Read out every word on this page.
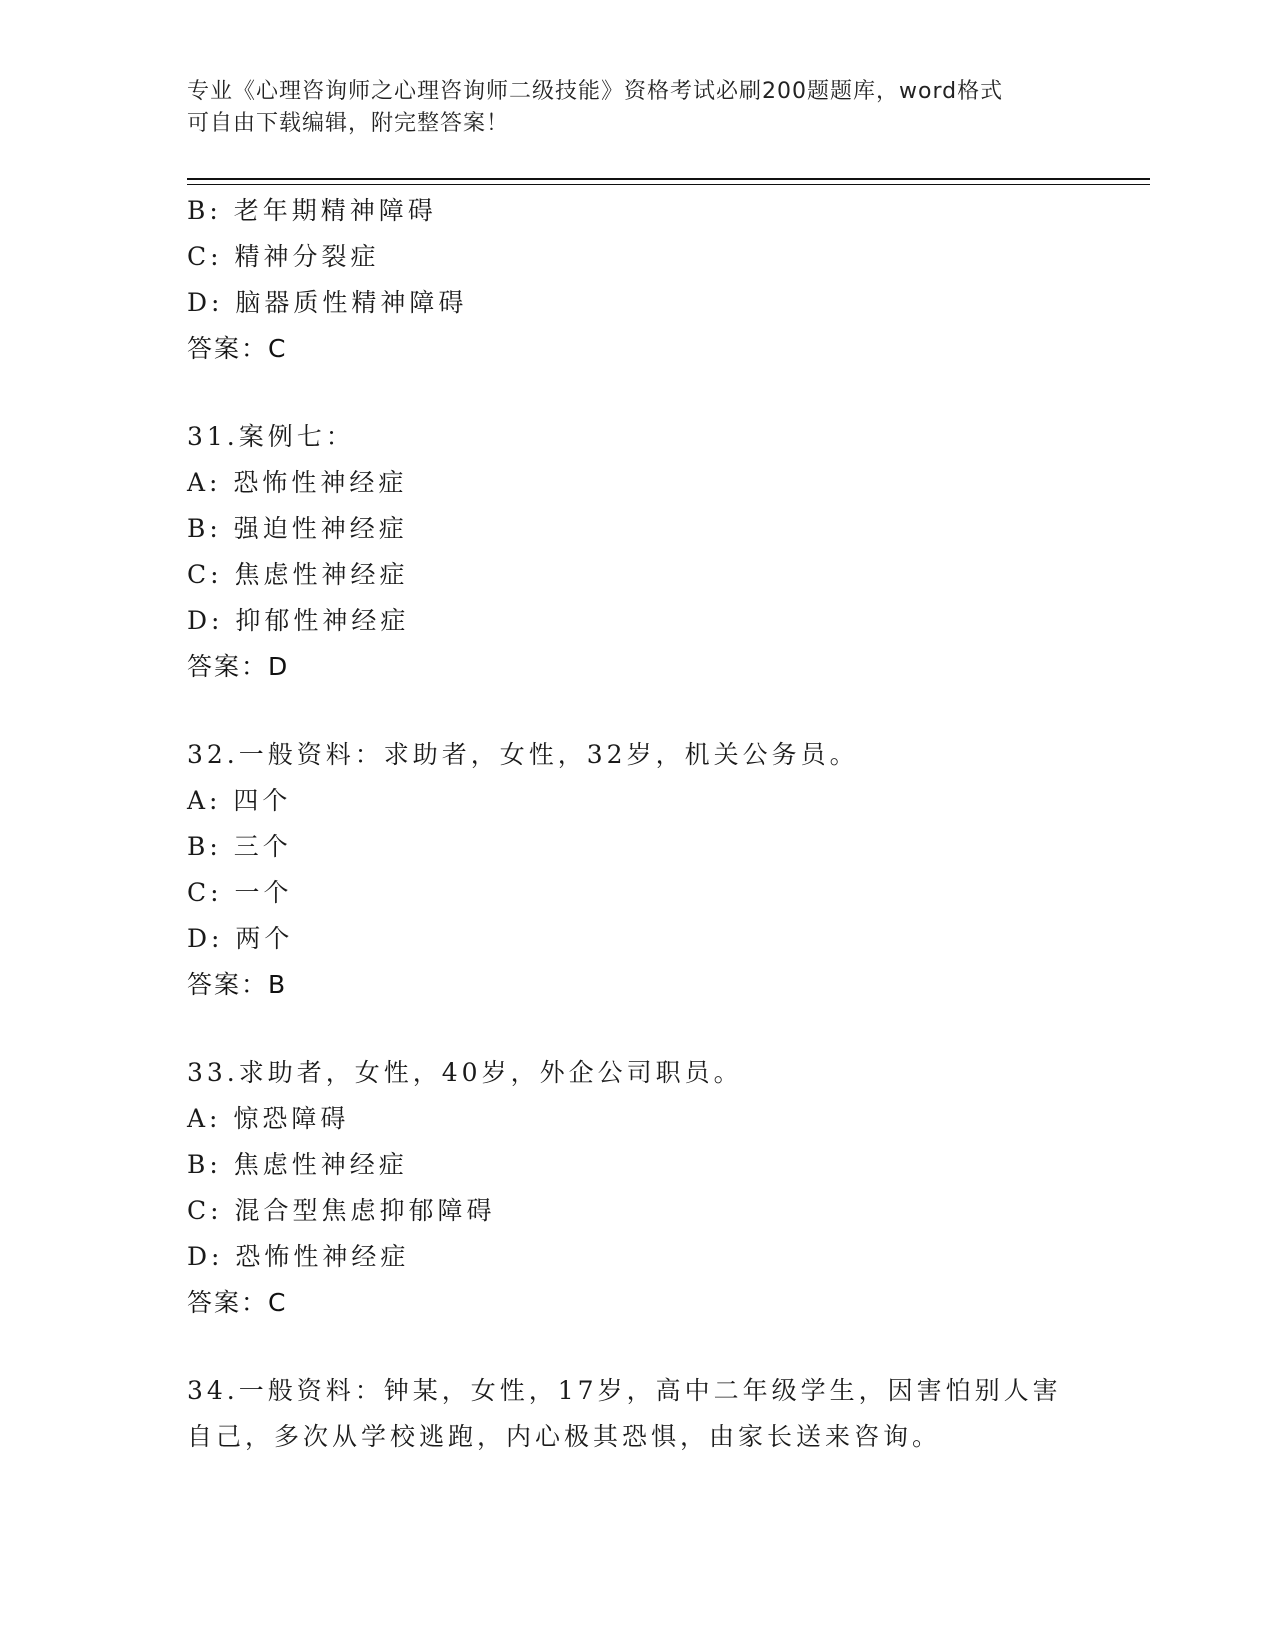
专业《心理咨询师之心理咨询师二级技能》资格考试必刷200题题库，word格式
可自由下载编辑，附完整答案！
B: 老年期精神障碍
C: 精神分裂症
D: 脑器质性精神障碍
答案：C
31.案例七：
A: 恐怖性神经症
B: 强迫性神经症
C: 焦虑性神经症
D: 抑郁性神经症
答案：D
32.一般资料：求助者，女性，32岁，机关公务员。
A: 四个
B: 三个
C: 一个
D: 两个
答案：B
33.求助者，女性，40岁，外企公司职员。
A: 惊恐障碍
B: 焦虑性神经症
C: 混合型焦虑抑郁障碍
D: 恐怖性神经症
答案：C
34.一般资料：钟某，女性，17岁，高中二年级学生，因害怕别人害自己，多次从学校逃跑，内心极其恐惧，由家长送来咨询。
